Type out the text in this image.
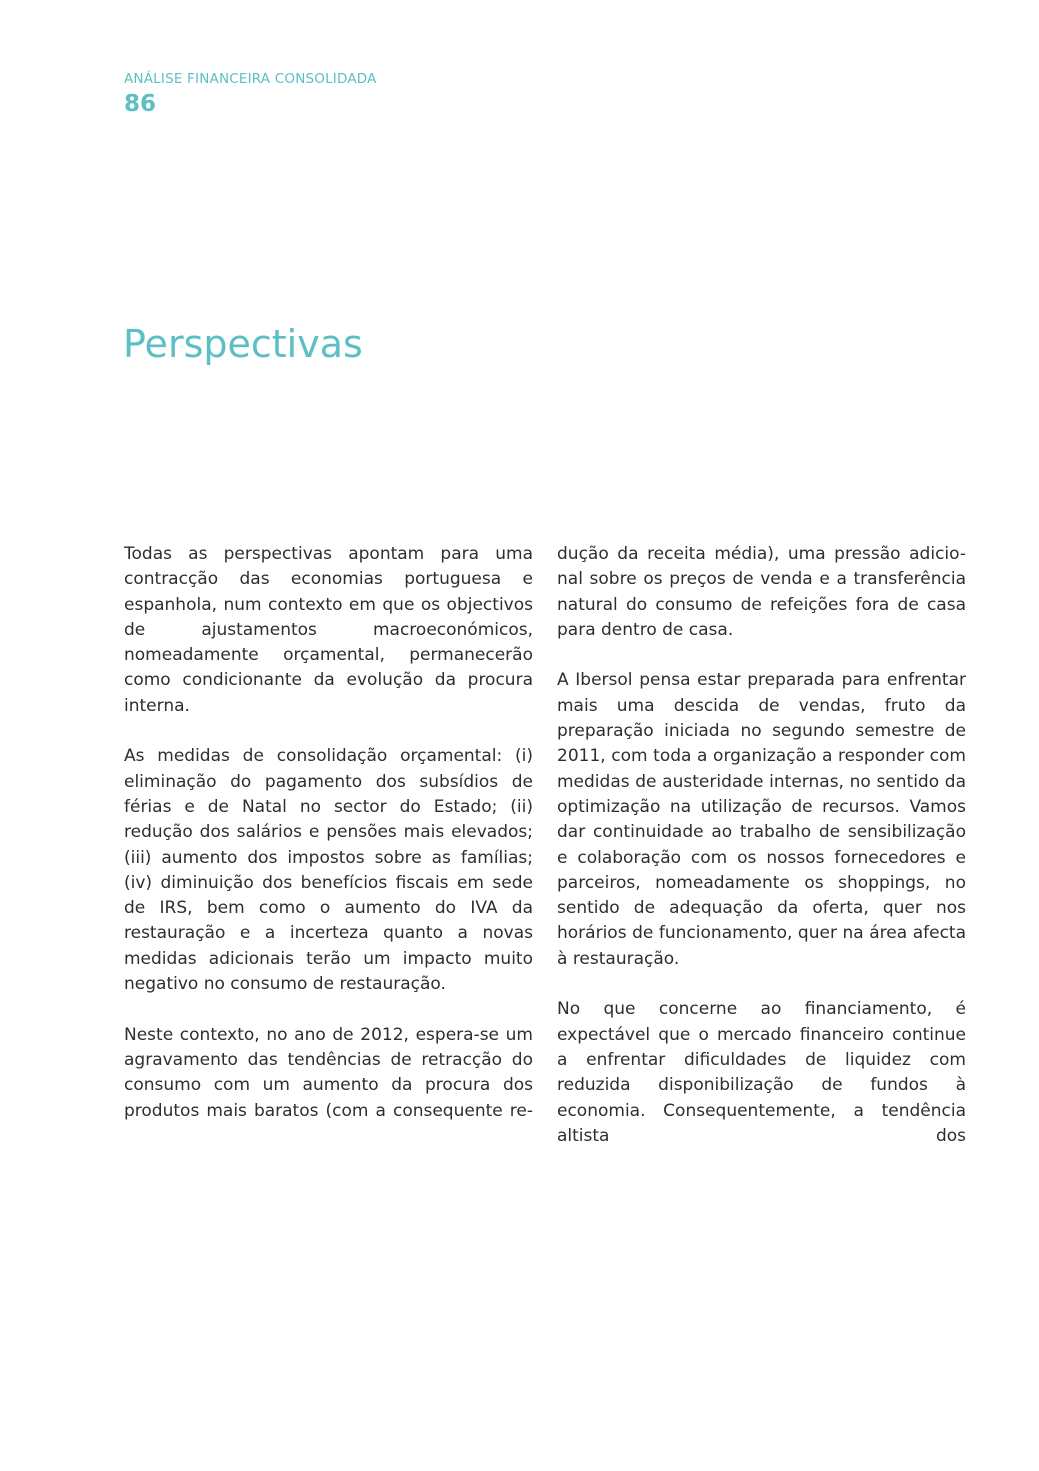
ANÁLISE FINANCEIRA CONSOLIDADA
86
Perspectivas

Todas as perspectivas apontam para uma contracção das economias portuguesa e espanhola, num contexto em que os objectivos de ajustamentos macroeconómicos, nomeadamente orçamental, permanecerão como condicionante da evolução da procura interna.

As medidas de consolidação orçamental: (i) eliminação do pagamento dos subsídios de férias e de Natal no sector do Estado; (ii) redução dos salários e pensões mais elevados; (iii) aumento dos impostos sobre as famílias; (iv) diminuição dos benefícios fiscais em sede de IRS, bem como o aumento do IVA da restauração e a incerteza quanto a novas medidas adicionais terão um impacto muito negativo no consumo de restauração.

Neste contexto, no ano de 2012, espera-se um agravamento das tendências de retracção do consumo com um aumento da procura dos produtos mais baratos (com a consequente re-

dução da receita média), uma pressão adicio-nal sobre os preços de venda e a transferência natural do consumo de refeições fora de casa para dentro de casa.

A Ibersol pensa estar preparada para enfrentar mais uma descida de vendas, fruto da preparação iniciada no segundo semestre de 2011, com toda a organização a responder com medidas de austeridade internas, no sentido da optimização na utilização de recursos. Vamos dar continuidade ao trabalho de sensibilização e colaboração com os nossos fornecedores e parceiros, nomeadamente os shoppings, no sentido de adequação da oferta, quer nos horários de funcionamento, quer na área afecta à restauração.

No que concerne ao financiamento, é expectável que o mercado financeiro continue a enfrentar dificuldades de liquidez com reduzida disponibilização de fundos à economia. Consequentemente, a tendência altista dos
